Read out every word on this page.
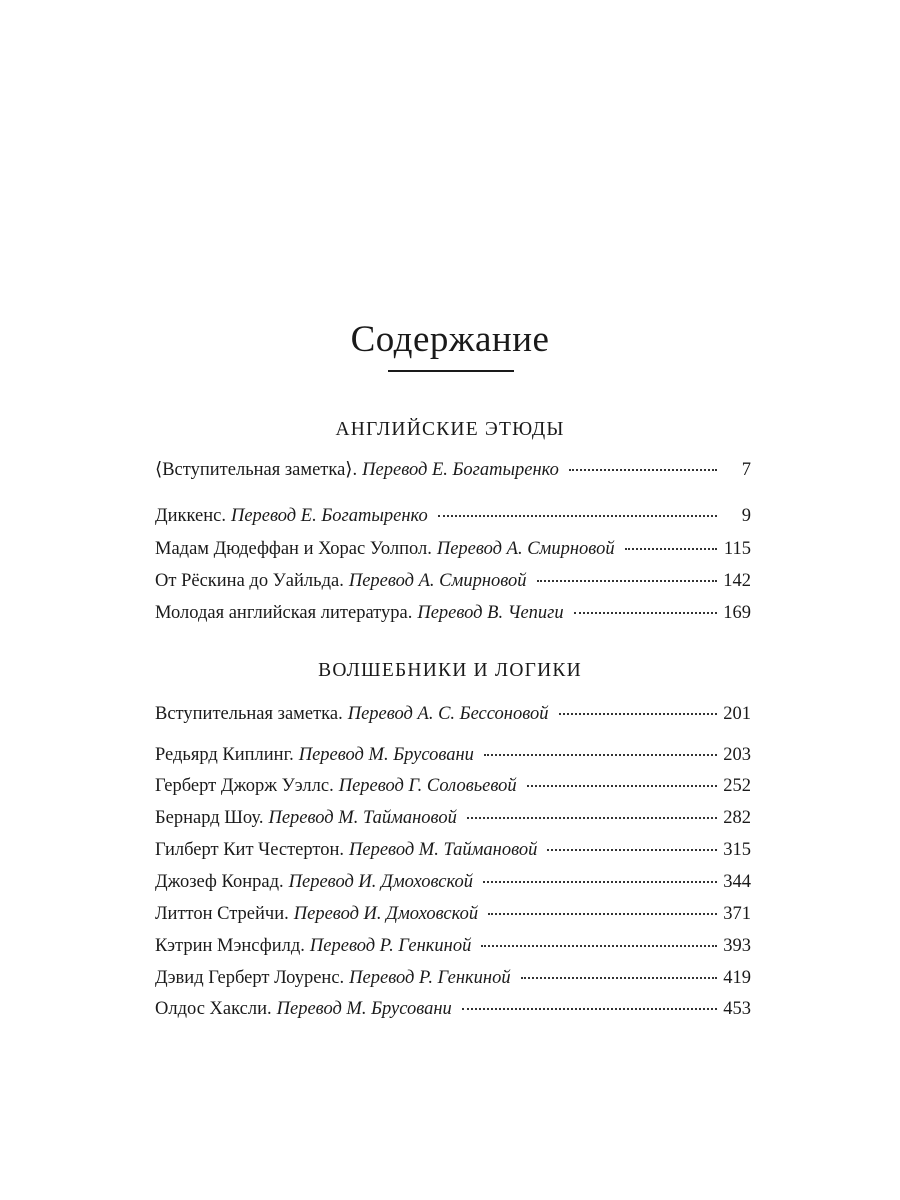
Содержание
АНГЛИЙСКИЕ ЭТЮДЫ
⟨Вступительная заметка⟩. Перевод Е. Богатыренко	7
Диккенс. Перевод Е. Богатыренко	9
Мадам Дюдеффан и Хорас Уолпол. Перевод А. Смирновой	115
От Рёскина до Уайльда. Перевод А. Смирновой	142
Молодая английская литература. Перевод В. Чепиги	169
ВОЛШЕБНИКИ И ЛОГИКИ
Вступительная заметка. Перевод А. С. Бессоновой	201
Редьярд Киплинг. Перевод М. Брусовани	203
Герберт Джорж Уэллс. Перевод Г. Соловьевой	252
Бернард Шоу. Перевод М. Таймановой	282
Гилберт Кит Честертон. Перевод М. Таймановой	315
Джозеф Конрад. Перевод И. Дмоховской	344
Литтон Стрейчи. Перевод И. Дмоховской	371
Кэтрин Мэнсфилд. Перевод Р. Генкиной	393
Дэвид Герберт Лоуренс. Перевод Р. Генкиной	419
Олдос Хаксли. Перевод М. Брусовани	453
